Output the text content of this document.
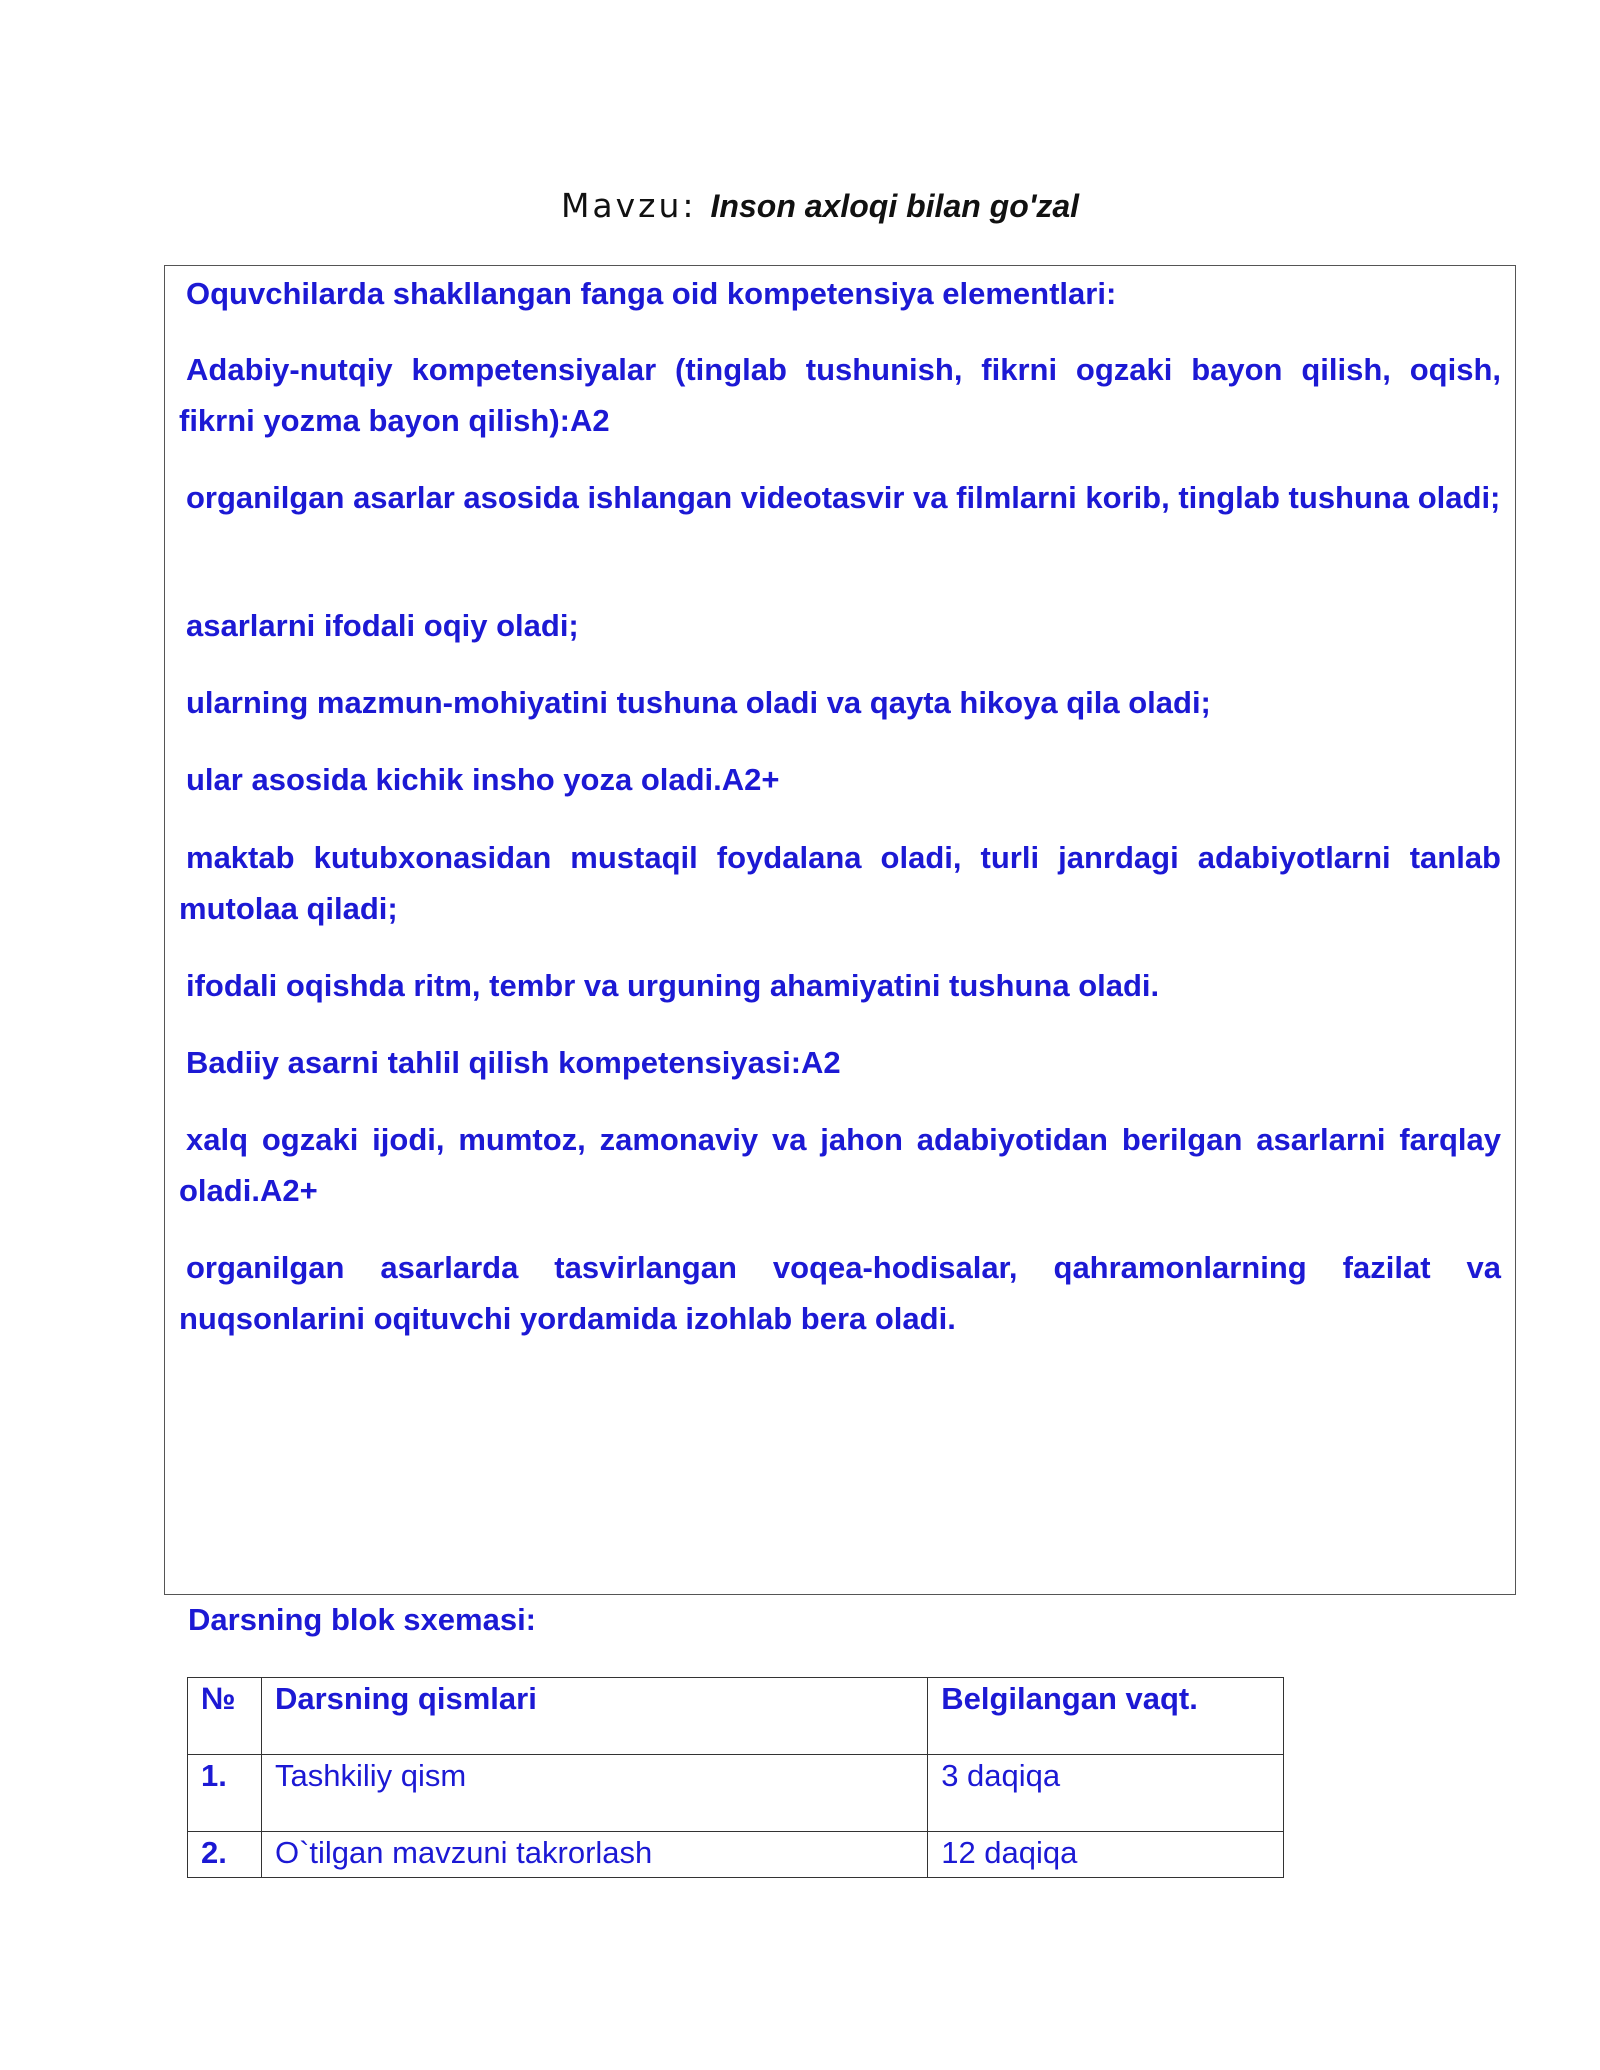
Mavzu: Inson axloqi bilan go'zal

Oquvchilarda shakllangan fanga oid kompetensiya elementlari:

Adabiy-nutqiy kompetensiyalar (tinglab tushunish, fikrni ogzaki bayon qilish, oqish, fikrni yozma bayon qilish):A2

organilgan asarlar asosida ishlangan videotasvir va filmlarni korib, tinglab tushuna oladi;

asarlarni ifodali oqiy oladi;

ularning mazmun-mohiyatini tushuna oladi va qayta hikoya qila oladi;

ular asosida kichik insho yoza oladi.A2+

maktab kutubxonasidan mustaqil foydalana oladi, turli janrdagi adabiyotlarni tanlab mutolaa qiladi;

ifodali oqishda ritm, tembr va urguning ahamiyatini tushuna oladi.

Badiiy asarni tahlil qilish kompetensiyasi:A2

xalq ogzaki ijodi, mumtoz, zamonaviy va jahon adabiyotidan berilgan asarlarni farqlay oladi.A2+

organilgan asarlarda tasvirlangan voqea-hodisalar, qahramonlarning fazilat va nuqsonlarini oqituvchi yordamida izohlab bera oladi.

Darsning blok sxemasi:

№	Darsning qismlari	Belgilangan vaqt.
1.	Tashkiliy qism	3 daqiqa
2.	O`tilgan mavzuni takrorlash	12 daqiqa
